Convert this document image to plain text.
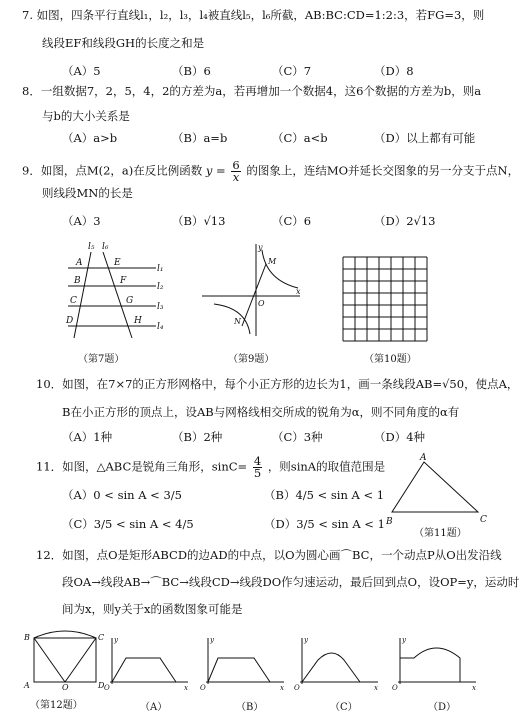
7. 如图，四条平行直线l₁，l₂，l₃，l₄被直线l₅，l₆所截，AB:BC:CD=1:2:3，若FG=3，则
线段EF和线段GH的长度之和是
（A）5	（B）6	（C）7	（D）8
8．一组数据7，2，5，4，2的方差为a，若再增加一个数据4，这6个数据的方差为b，则a
与b的大小关系是
（A）a>b	（B）a=b	（C）a<b	（D）以上都有可能
9．如图，点M(2，a)在反比例函数 $y = \frac{6}{x}$ 的图象上，连结MO并延长交图象的另一分支于点N，
则线段MN的长是
（A）3	（B）√13	（C）6	（D）2√13
l₅ l₆
l₁
l₂
l₃
l₄
A
B
C
D
E
F
G
H
（第7题）
y
x
M
N
O
（第9题）	（第10题）
10．如图，在7×7的正方形网格中，每个小正方形的边长为1，画一条线段AB=√50，使点A，
B在小正方形的顶点上，设AB与网格线相交所成的锐角为α，则不同角度的α有
（A）1种	（B）2种	（C）3种	（D）4种
11．如图，△ABC是锐角三角形，$\sin C= \frac{4}{5}$ ，则sinA的取值范围是
（A）0 < sin A < 3/5	（B）4/5 < sin A < 1
（C）3/5 < sin A < 4/5	（D）3/5 < sin A < 1
A
B	C
（第11题）
12．如图，点O是矩形ABCD的边AD的中点，以O为圆心画⌒BC，一个动点P从O出发沿线
段OA→线段AB→⌒BC→线段CD→线段DO作匀速运动，最后回到点O，设OP=y，运动时
间为x，则y关于x的函数图象可能是
B	C
A	D
O
（第12题）
y
x
O
y
x
O
y
x
O
y
x
O
（A）	（B）	（C）	（D）
